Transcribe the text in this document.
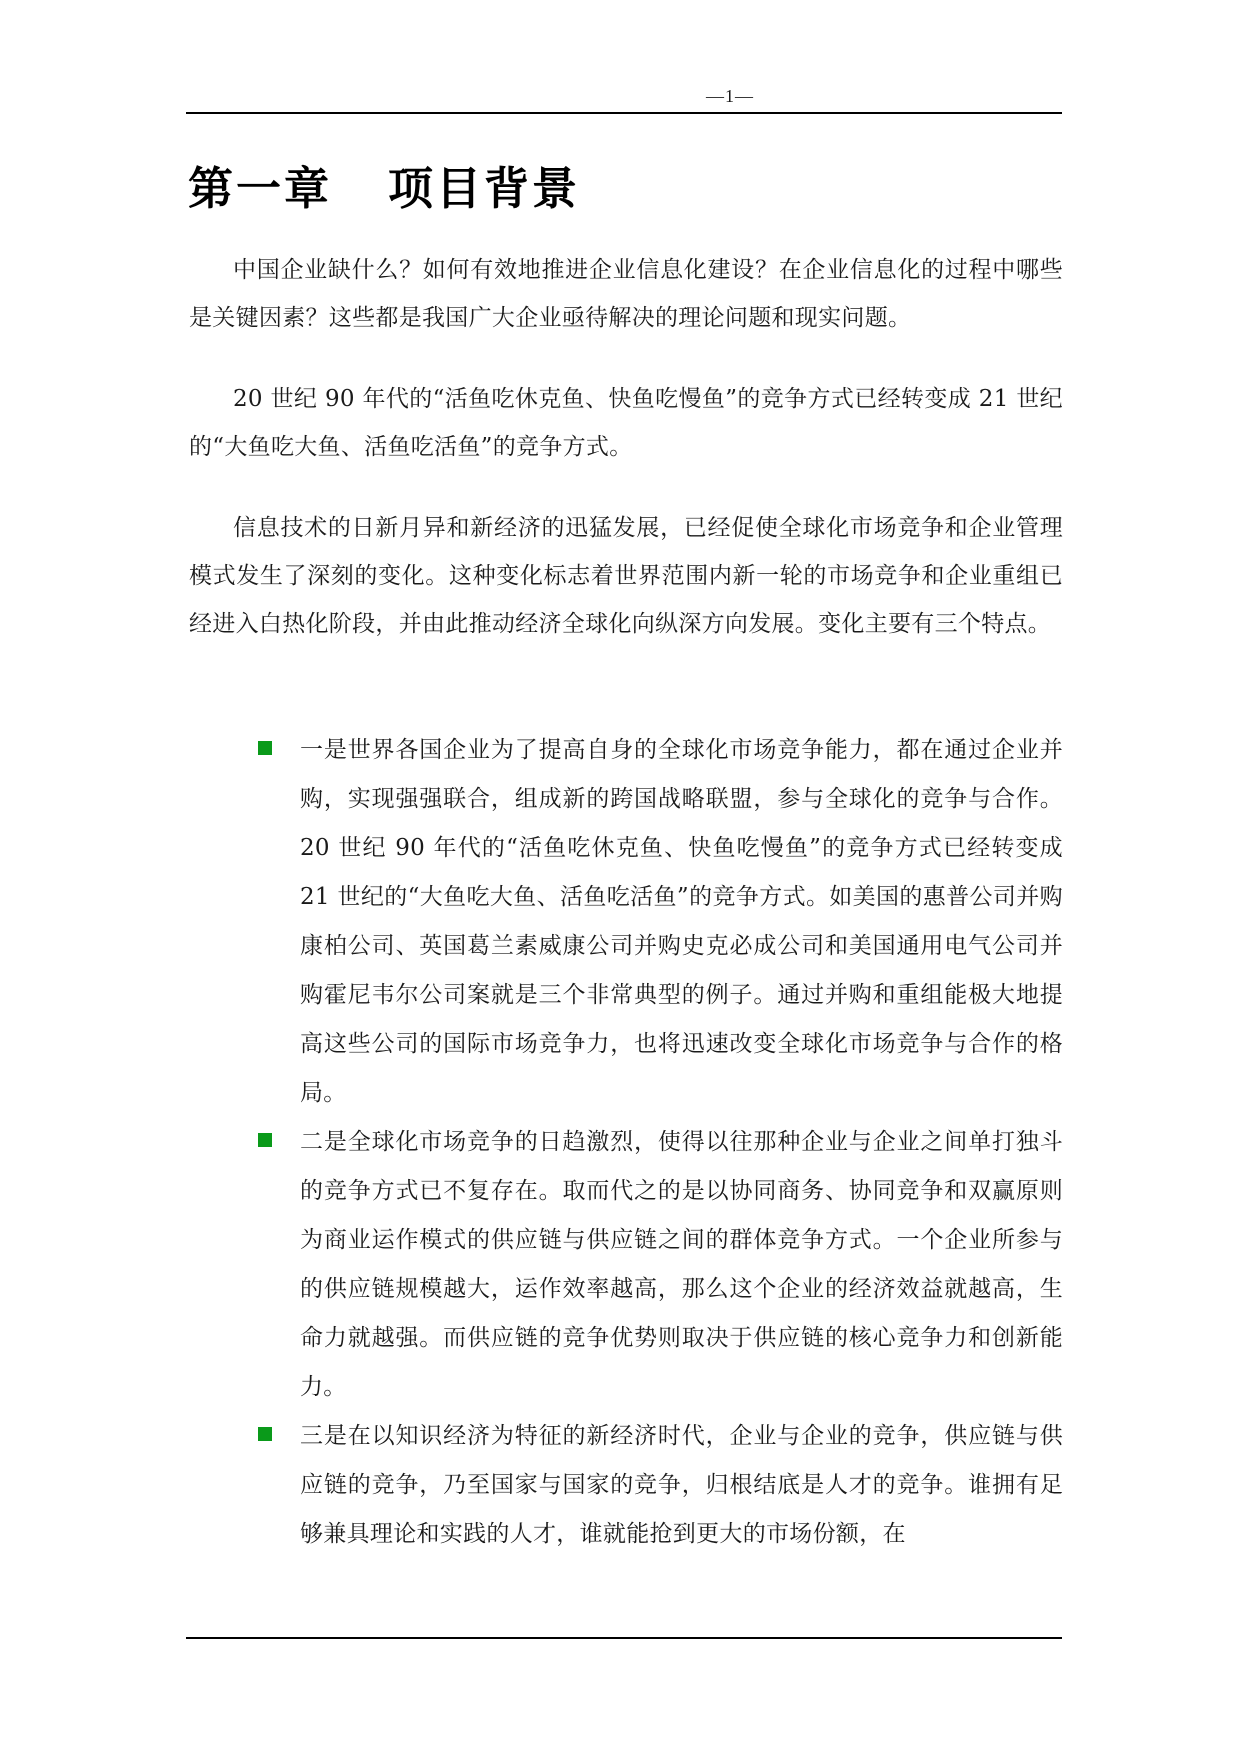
—1—
第一章   项目背景

中国企业缺什么？如何有效地推进企业信息化建设？在企业信息化的过程中哪些是关键因素？这些都是我国广大企业亟待解决的理论问题和现实问题。

20 世纪 90 年代的“活鱼吃休克鱼、快鱼吃慢鱼”的竞争方式已经转变成 21 世纪的“大鱼吃大鱼、活鱼吃活鱼”的竞争方式。

信息技术的日新月异和新经济的迅猛发展，已经促使全球化市场竞争和企业管理模式发生了深刻的变化。这种变化标志着世界范围内新一轮的市场竞争和企业重组已经进入白热化阶段，并由此推动经济全球化向纵深方向发展。变化主要有三个特点。

一是世界各国企业为了提高自身的全球化市场竞争能力，都在通过企业并购，实现强强联合，组成新的跨国战略联盟，参与全球化的竞争与合作。20 世纪 90 年代的“活鱼吃休克鱼、快鱼吃慢鱼”的竞争方式已经转变成 21 世纪的“大鱼吃大鱼、活鱼吃活鱼”的竞争方式。如美国的惠普公司并购康柏公司、英国葛兰素威康公司并购史克必成公司和美国通用电气公司并购霍尼韦尔公司案就是三个非常典型的例子。通过并购和重组能极大地提高这些公司的国际市场竞争力，也将迅速改变全球化市场竞争与合作的格局。
二是全球化市场竞争的日趋激烈，使得以往那种企业与企业之间单打独斗的竞争方式已不复存在。取而代之的是以协同商务、协同竞争和双赢原则为商业运作模式的供应链与供应链之间的群体竞争方式。一个企业所参与的供应链规模越大，运作效率越高，那么这个企业的经济效益就越高，生命力就越强。而供应链的竞争优势则取决于供应链的核心竞争力和创新能力。
三是在以知识经济为特征的新经济时代，企业与企业的竞争，供应链与供应链的竞争，乃至国家与国家的竞争，归根结底是人才的竞争。谁拥有足够兼具理论和实践的人才，谁就能抢到更大的市场份额，在
